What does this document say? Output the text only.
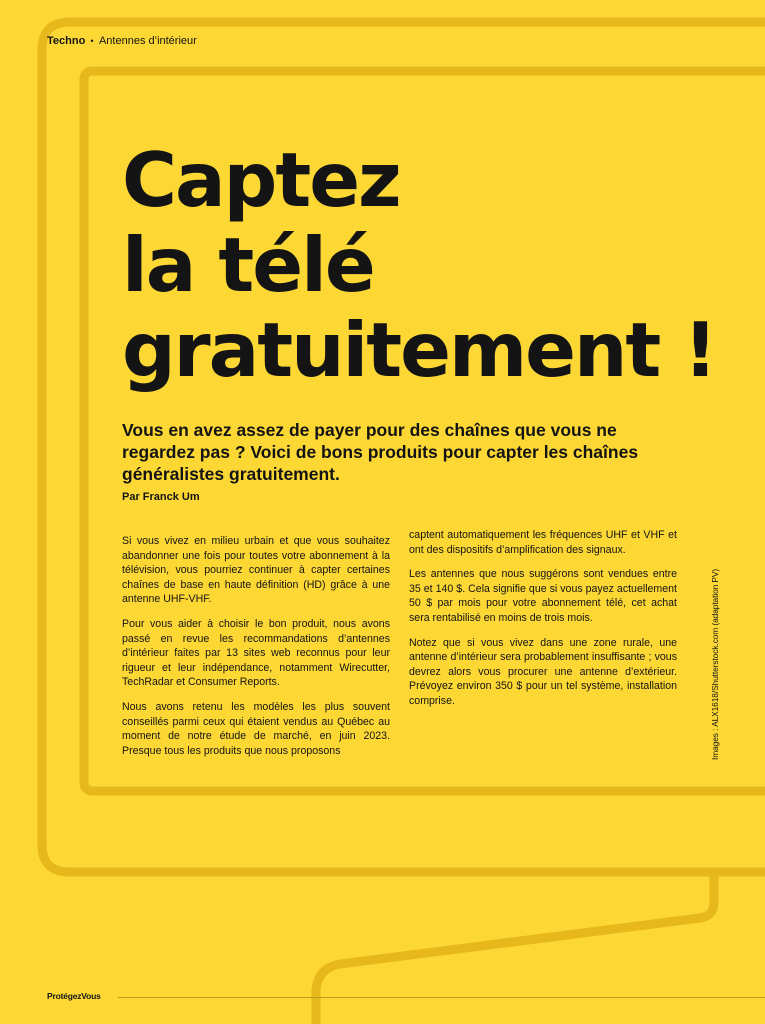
Techno • Antennes d’intérieur
Captez
la télé
gratuitement !

Vous en avez assez de payer pour des chaînes que vous ne regardez pas ? Voici de bons produits pour capter les chaînes généralistes gratuitement.

Par Franck Um

Si vous vivez en milieu urbain et que vous souhaitez abandonner une fois pour toutes votre abonnement à la télévision, vous pourriez continuer à capter certaines chaînes de base en haute définition (HD) grâce à une antenne UHF-VHF.

Pour vous aider à choisir le bon produit, nous avons passé en revue les recommandations d’antennes d’intérieur faites par 13 sites web reconnus pour leur rigueur et leur indépendance, notamment Wirecutter, TechRadar et Consumer Reports.

Nous avons retenu les modèles les plus souvent conseillés parmi ceux qui étaient vendus au Québec au moment de notre étude de marché, en juin 2023. Presque tous les produits que nous proposons

captent automatiquement les fréquences UHF et VHF et ont des dispositifs d’amplification des signaux.

Les antennes que nous suggérons sont vendues entre 35 et 140 $. Cela signifie que si vous payez actuellement 50 $ par mois pour votre abonnement télé, cet achat sera rentabilisé en moins de trois mois.

Notez que si vous vivez dans une zone rurale, une antenne d’intérieur sera probablement insuffisante ; vous devrez alors vous procurer une antenne d’extérieur. Prévoyez environ 350 $ pour un tel système, installation comprise.	Images : ALX1618/Shutterstock.com (adaptation PV)
ProtégezVous
